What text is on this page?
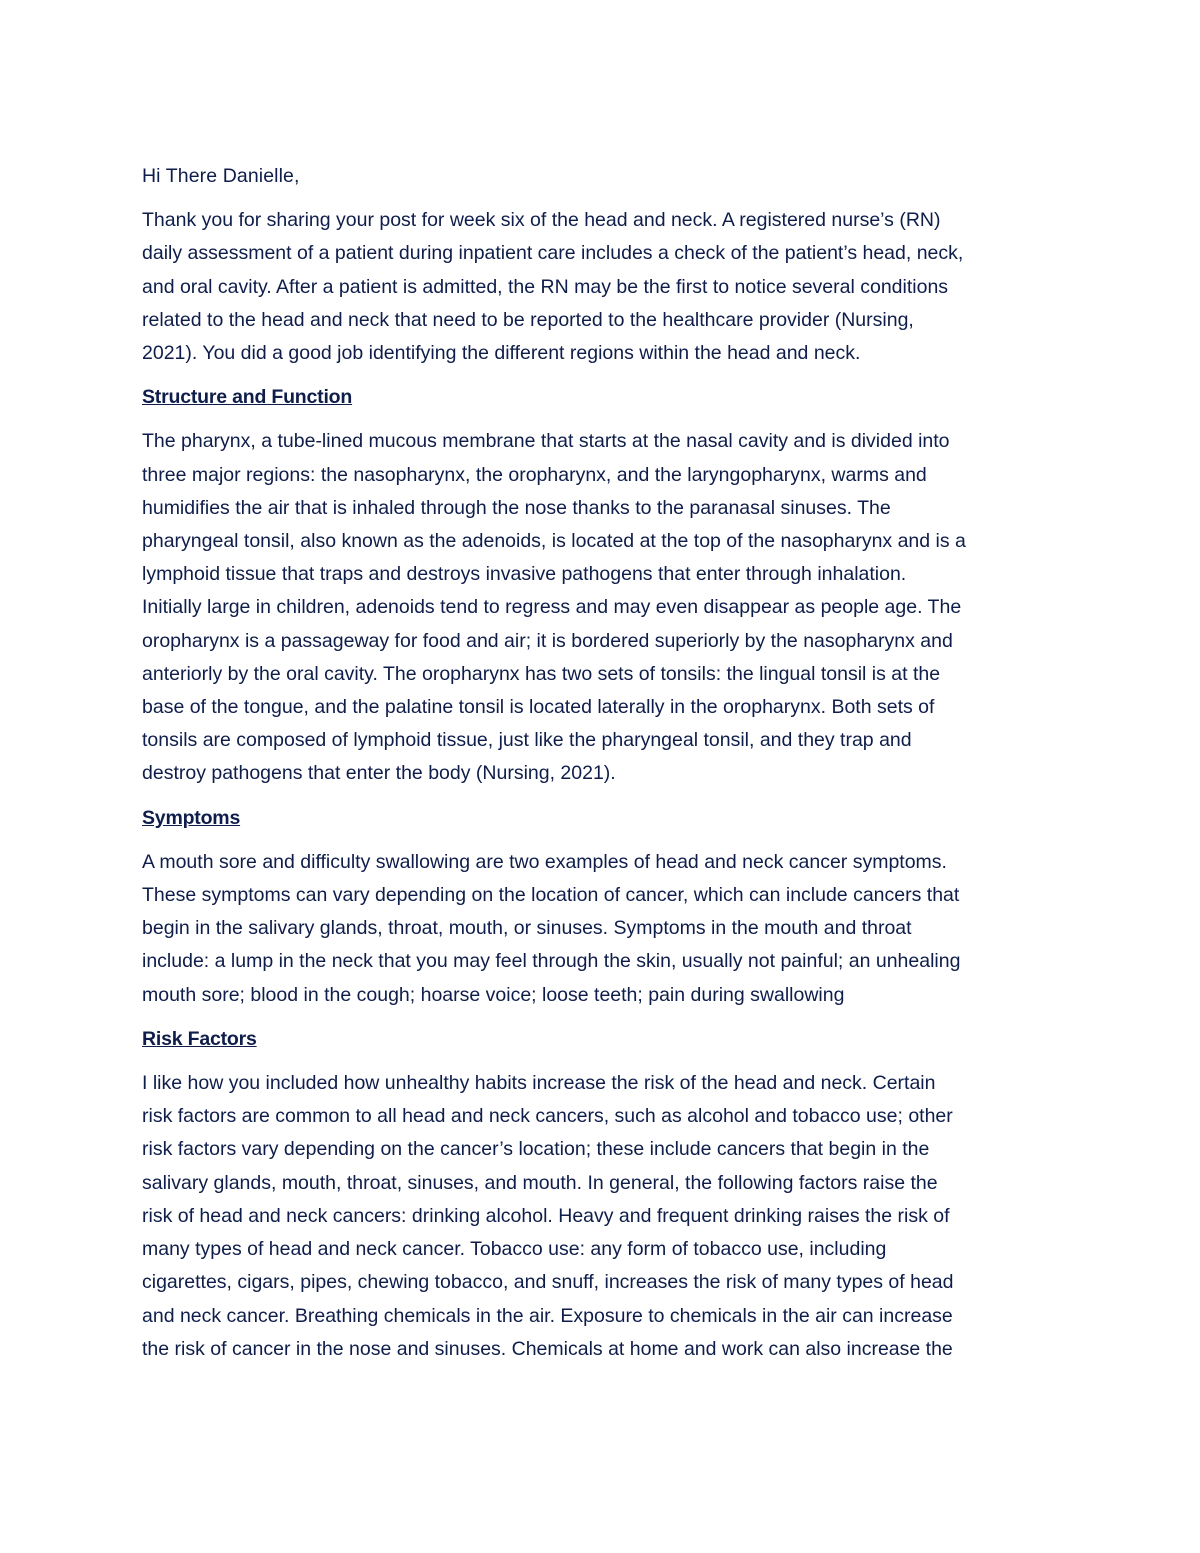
Hi There Danielle,
Thank you for sharing your post for week six of the head and neck. A registered nurse’s (RN)
daily assessment of a patient during inpatient care includes a check of the patient’s head, neck,
and oral cavity. After a patient is admitted, the RN may be the first to notice several conditions
related to the head and neck that need to be reported to the healthcare provider (Nursing,
2021). You did a good job identifying the different regions within the head and neck.
Structure and Function
The pharynx, a tube-lined mucous membrane that starts at the nasal cavity and is divided into
three major regions: the nasopharynx, the oropharynx, and the laryngopharynx, warms and
humidifies the air that is inhaled through the nose thanks to the paranasal sinuses. The
pharyngeal tonsil, also known as the adenoids, is located at the top of the nasopharynx and is a
lymphoid tissue that traps and destroys invasive pathogens that enter through inhalation.
Initially large in children, adenoids tend to regress and may even disappear as people age. The
oropharynx is a passageway for food and air; it is bordered superiorly by the nasopharynx and
anteriorly by the oral cavity. The oropharynx has two sets of tonsils: the lingual tonsil is at the
base of the tongue, and the palatine tonsil is located laterally in the oropharynx. Both sets of
tonsils are composed of lymphoid tissue, just like the pharyngeal tonsil, and they trap and
destroy pathogens that enter the body (Nursing, 2021).
Symptoms
A mouth sore and difficulty swallowing are two examples of head and neck cancer symptoms.
These symptoms can vary depending on the location of cancer, which can include cancers that
begin in the salivary glands, throat, mouth, or sinuses. Symptoms in the mouth and throat
include: a lump in the neck that you may feel through the skin, usually not painful; an unhealing
mouth sore; blood in the cough; hoarse voice; loose teeth; pain during swallowing
Risk Factors
I like how you included how unhealthy habits increase the risk of the head and neck. Certain
risk factors are common to all head and neck cancers, such as alcohol and tobacco use; other
risk factors vary depending on the cancer’s location; these include cancers that begin in the
salivary glands, mouth, throat, sinuses, and mouth. In general, the following factors raise the
risk of head and neck cancers: drinking alcohol. Heavy and frequent drinking raises the risk of
many types of head and neck cancer. Tobacco use: any form of tobacco use, including
cigarettes, cigars, pipes, chewing tobacco, and snuff, increases the risk of many types of head
and neck cancer. Breathing chemicals in the air. Exposure to chemicals in the air can increase
the risk of cancer in the nose and sinuses. Chemicals at home and work can also increase the
